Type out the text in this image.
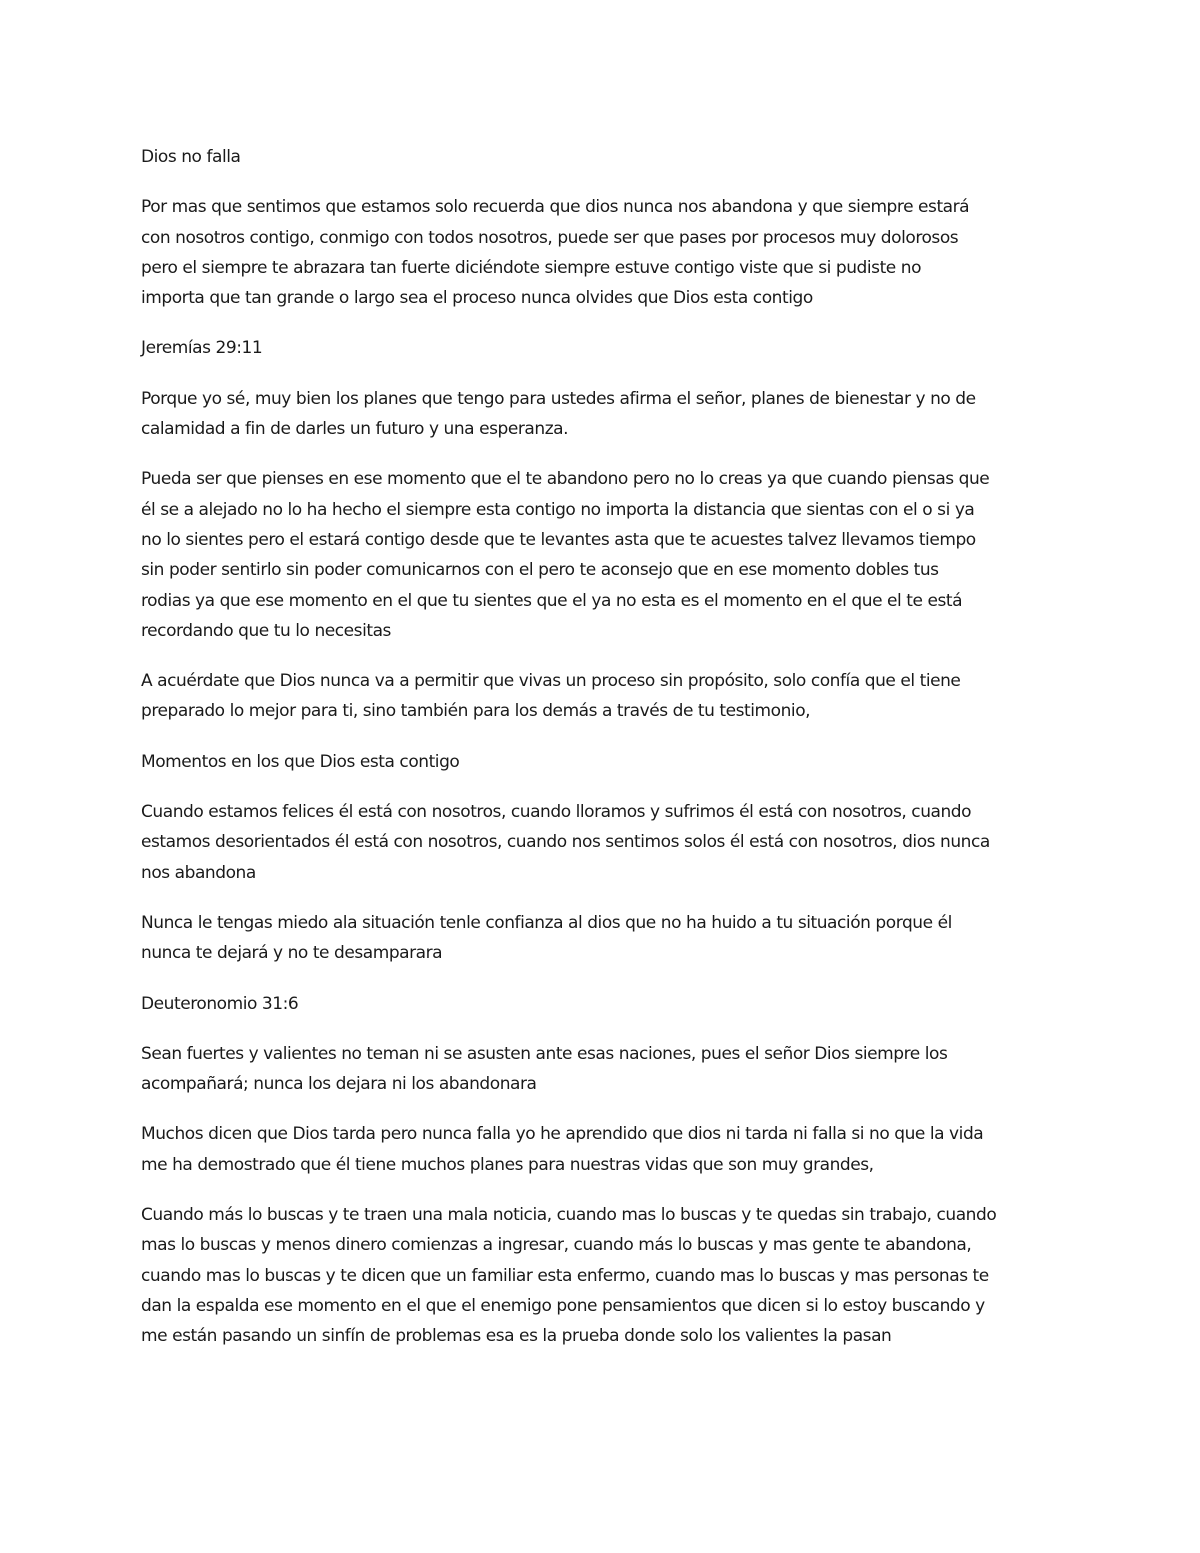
Dios no falla

Por mas que sentimos que estamos solo recuerda que dios nunca nos abandona y que siempre estará

con nosotros contigo, conmigo con todos nosotros, puede ser que pases por procesos muy dolorosos

pero el siempre te abrazara tan fuerte diciéndote siempre estuve contigo viste que si pudiste no

importa que tan grande o largo sea el proceso nunca olvides que Dios esta contigo

Jeremías 29:11

Porque yo sé, muy bien los planes que tengo para ustedes afirma el señor, planes de bienestar y no de

calamidad a fin de darles un futuro y una esperanza.

Pueda ser que pienses en ese momento que el te abandono pero no lo creas ya que cuando piensas que

él se a alejado no lo ha hecho el siempre esta contigo no importa la distancia que sientas con el o si ya

no lo sientes pero el estará contigo desde que te levantes asta que te acuestes talvez llevamos tiempo

sin poder sentirlo sin poder comunicarnos con el pero te aconsejo que en ese momento dobles tus

rodias ya que ese momento en el que tu sientes que el ya no esta es el momento en el que el te está

recordando que tu lo necesitas

A acuérdate que Dios nunca va a permitir que vivas un proceso sin propósito, solo confía que el tiene

preparado lo mejor para ti, sino también para los demás a través de tu testimonio,

Momentos en los que Dios esta contigo

Cuando estamos felices él está con nosotros, cuando lloramos y sufrimos él está con nosotros, cuando

estamos desorientados él está con nosotros, cuando nos sentimos solos él está con nosotros, dios nunca

nos abandona

Nunca le tengas miedo ala situación tenle confianza al dios que no ha huido a tu situación porque él

nunca te dejará y no te desamparara

Deuteronomio 31:6

Sean fuertes y valientes no teman ni se asusten ante esas naciones, pues el señor Dios siempre los

acompañará; nunca los dejara ni los abandonara

Muchos dicen que Dios tarda pero nunca falla yo he aprendido que dios ni tarda ni falla si no que la vida

me ha demostrado que él tiene muchos planes para nuestras vidas que son muy grandes,

Cuando más lo buscas y te traen una mala noticia, cuando mas lo buscas y te quedas sin trabajo, cuando

mas lo buscas y menos dinero comienzas a ingresar, cuando más lo buscas y mas gente te abandona,

cuando mas lo buscas y te dicen que un familiar esta enfermo, cuando mas lo buscas y mas personas te

dan la espalda ese momento en el que el enemigo pone pensamientos que dicen si lo estoy buscando y

me están pasando un sinfín de problemas esa es la prueba donde solo los valientes la pasan
